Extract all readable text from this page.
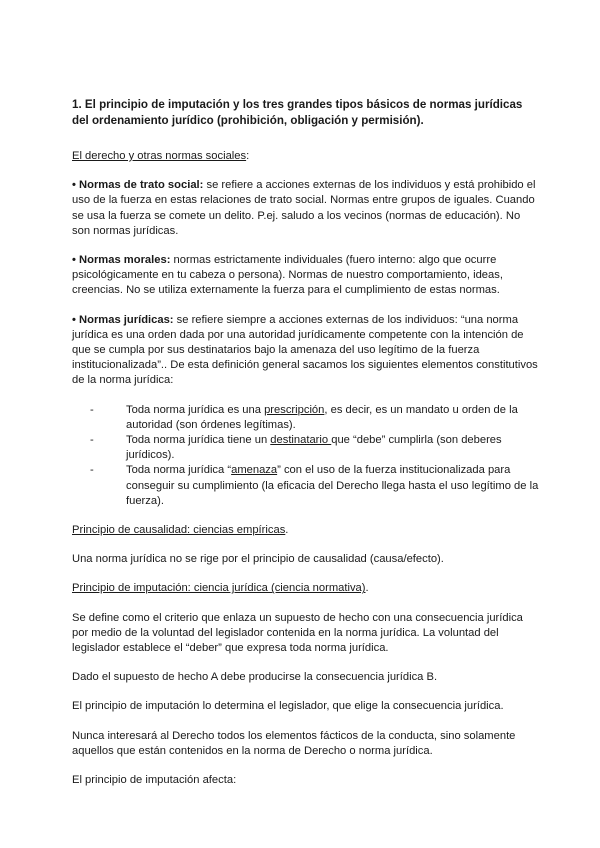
1. El principio de imputación y los tres grandes tipos básicos de normas jurídicas del ordenamiento jurídico (prohibición, obligación y permisión).

El derecho y otras normas sociales:

• Normas de trato social: se refiere a acciones externas de los individuos y está prohibido el uso de la fuerza en estas relaciones de trato social. Normas entre grupos de iguales. Cuando se usa la fuerza se comete un delito. P.ej. saludo a los vecinos (normas de educación). No son normas jurídicas.

• Normas morales: normas estrictamente individuales (fuero interno: algo que ocurre psicológicamente en tu cabeza o persona). Normas de nuestro comportamiento, ideas, creencias. No se utiliza externamente la fuerza para el cumplimiento de estas normas.

• Normas jurídicas: se refiere siempre a acciones externas de los individuos: “una norma jurídica es una orden dada por una autoridad jurídicamente competente con la intención de que se cumpla por sus destinatarios bajo la amenaza del uso legítimo de la fuerza institucionalizada”.. De esta definición general sacamos los siguientes elementos constitutivos de la norma jurídica:

-	Toda norma jurídica es una prescripción, es decir, es un mandato u orden de la autoridad (son órdenes legítimas).
-	Toda norma jurídica tiene un destinatario que “debe” cumplirla (son deberes jurídicos).
-	Toda norma jurídica “amenaza” con el uso de la fuerza institucionalizada para conseguir su cumplimiento (la eficacia del Derecho llega hasta el uso legítimo de la fuerza).

Principio de causalidad: ciencias empíricas.

Una norma jurídica no se rige por el principio de causalidad (causa/efecto).

Principio de imputación: ciencia jurídica (ciencia normativa).

Se define como el criterio que enlaza un supuesto de hecho con una consecuencia jurídica por medio de la voluntad del legislador contenida en la norma jurídica. La voluntad del legislador establece el “deber” que expresa toda norma jurídica.

Dado el supuesto de hecho A debe producirse la consecuencia jurídica B.

El principio de imputación lo determina el legislador, que elige la consecuencia jurídica.

Nunca interesará al Derecho todos los elementos fácticos de la conducta, sino solamente aquellos que están contenidos en la norma de Derecho o norma jurídica.

El principio de imputación afecta:
